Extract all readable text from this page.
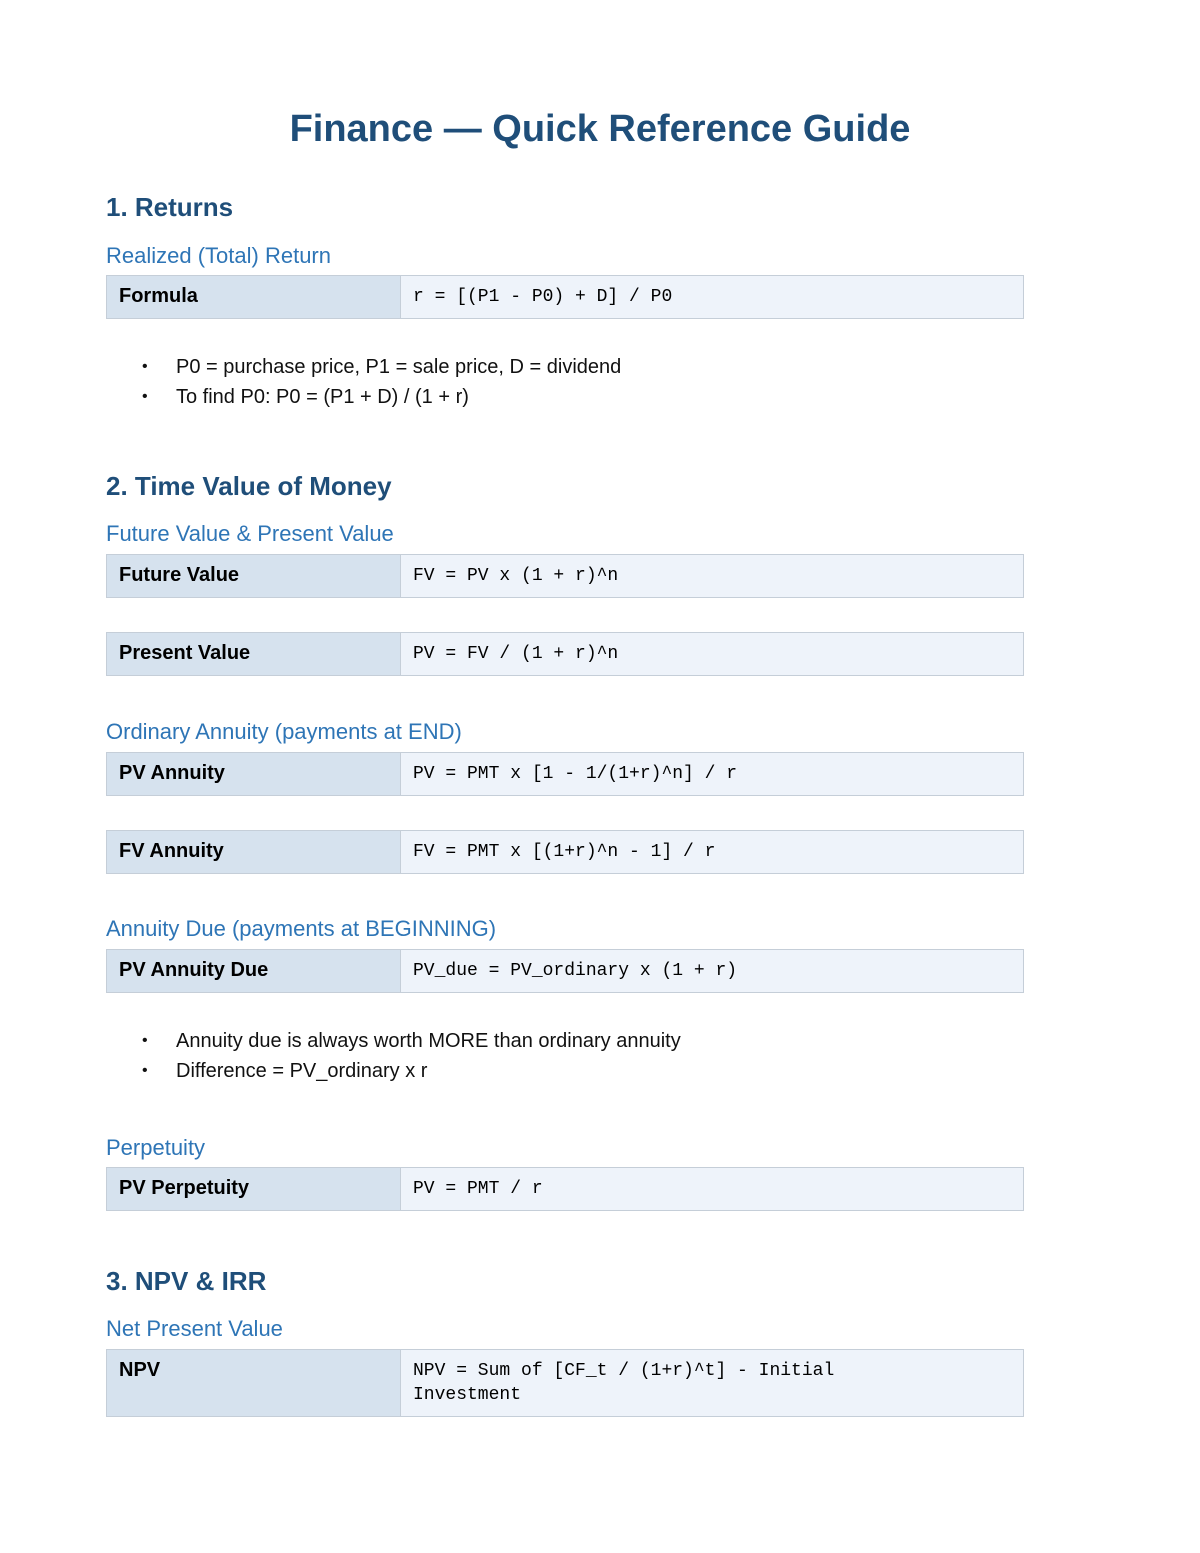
Finance — Quick Reference Guide
1. Returns
Realized (Total) Return
Formula	r = [(P1 - P0) + D] / P0
• P0 = purchase price, P1 = sale price, D = dividend
• To find P0: P0 = (P1 + D) / (1 + r)
2. Time Value of Money
Future Value & Present Value
Future Value	FV = PV x (1 + r)^n
Present Value	PV = FV / (1 + r)^n
Ordinary Annuity (payments at END)
PV Annuity	PV = PMT x [1 - 1/(1+r)^n] / r
FV Annuity	FV = PMT x [(1+r)^n - 1] / r
Annuity Due (payments at BEGINNING)
PV Annuity Due	PV_due = PV_ordinary x (1 + r)
• Annuity due is always worth MORE than ordinary annuity
• Difference = PV_ordinary x r
Perpetuity
PV Perpetuity	PV = PMT / r
3. NPV & IRR
Net Present Value
NPV	NPV = Sum of [CF_t / (1+r)^t] - Initial Investment
